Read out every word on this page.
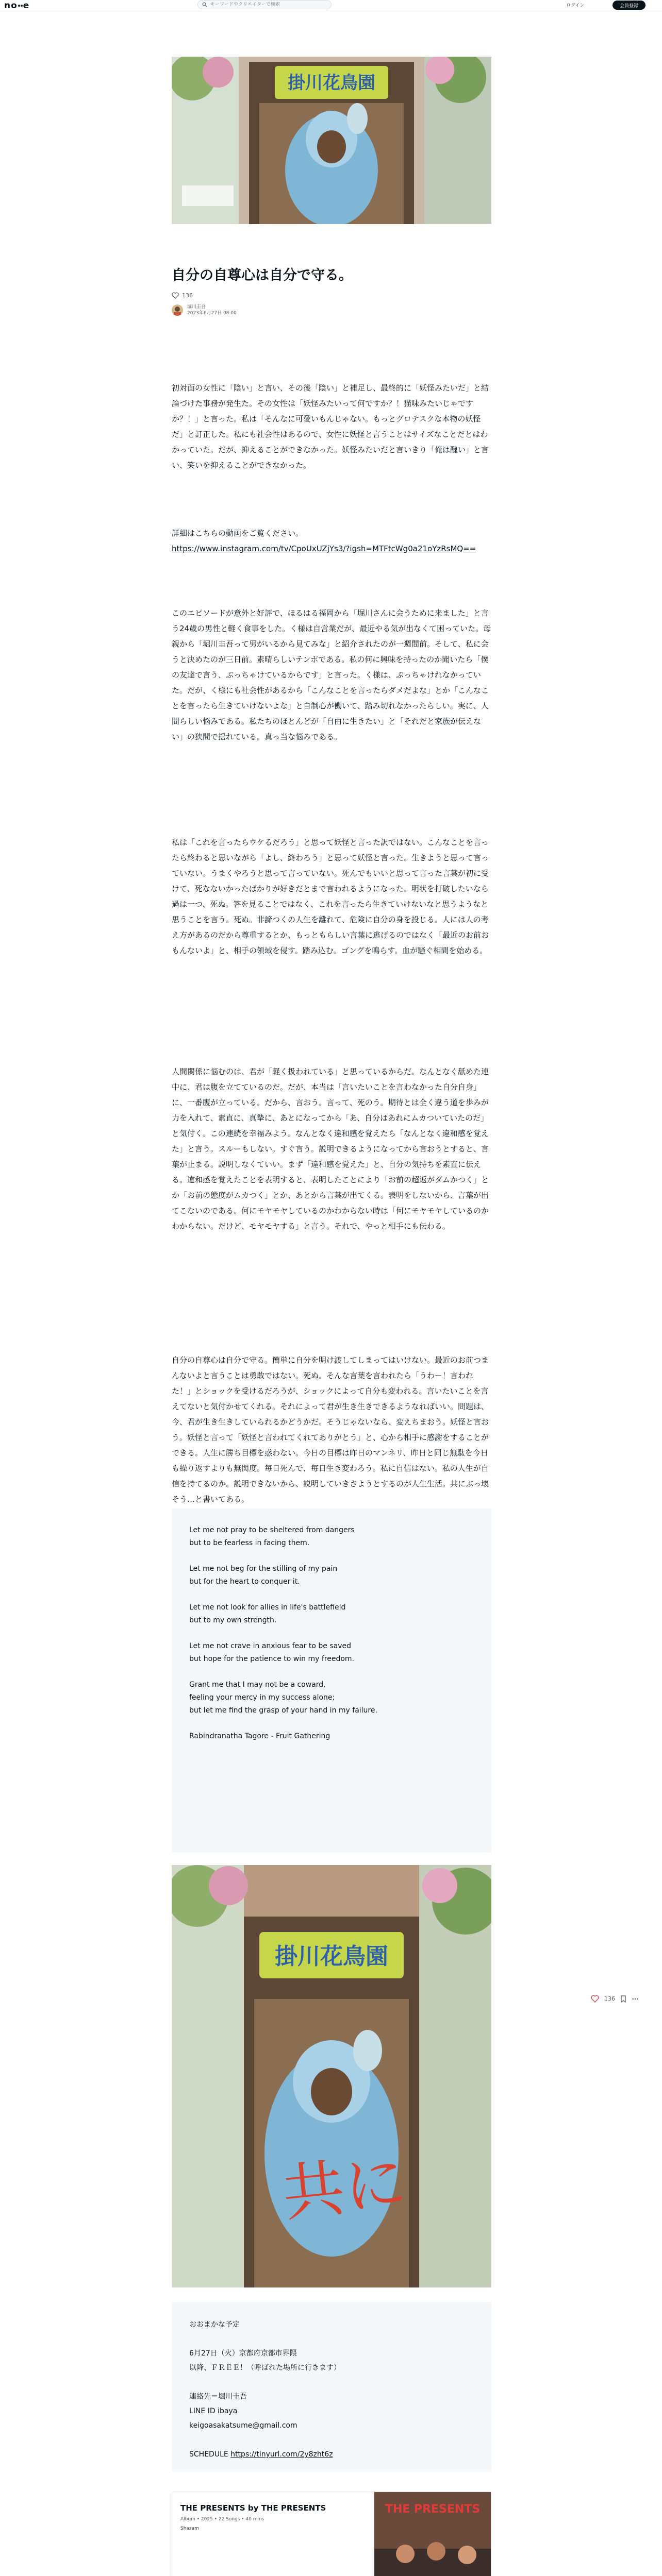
no e
キーワードやクリエイターで検索	ログイン	会員登録
掛川花鳥園
自分の自尊心は自分で守る。
136
堀川圭吾
2023年6月27日 08:00
初対面の女性に「陰い」と言い、その後「陰い」と補足し、最終的に「妖怪みたいだ」と結論づけた事務が発生た。その女性は「妖怪みたいって何ですか？！猫味みたいじゃですか？！」と言った。私は「そんなに可愛いもんじゃない。もっとグロテスクな本物の妖怪だ」と訂正した。私にも社会性はあるので、女性に妖怪と言うことはサイズなことだとはわかっていた。だが、抑えることができなかった。妖怪みたいだと言いきり「俺は醜い」と言い、笑いを抑えることができなかった。
詳細はこちらの動画をご覧ください。
https://www.instagram.com/tv/CpoUxUZjYs3/?igsh=MTFtcWg0a21oYzRsMQ==
このエピソードが意外と好評で、ほるはる福岡から「堀川さんに会うために来ました」と言う24歳の男性と軽く食事をした。く様は自営業だが、最近やる気が出なくて困っていた。母親から「堀川圭吾って男がいるから見てみな」と紹介されたのが一週間前。そして、私に会うと決めたのが三日前。素晴らしいテンポである。私の何に興味を持ったのか聞いたら「僕の友達で言う、ぶっちゃけているからです」と言った。く様は、ぶっちゃけれなかっていた。だが、く様にも社会性があるから「こんなことを言ったらダメだよな」とか「こんなことを言ったら生きていけないよな」と自制心が働いて、踏み切れなかったらしい。実に、人間らしい悩みである。私たちのほとんどが「自由に生きたい」と「それだと家族が伝えない」の狭間で揺れている。真っ当な悩みである。
私は「これを言ったらウケるだろう」と思って妖怪と言った訳ではない。こんなことを言ったら終わると思いながら「よし、終わろう」と思って妖怪と言った。生きようと思って言っていない。うまくやろうと思って言っていない。死んでもいいと思って言った言葉が初に受けて、死なないかったばかりが好きだとまで言われるようになった。明状を打破したいなら過は一つ、死ぬ。答を見ることではなく、これを言ったら生きていけないなと思うようなと思うことを言う。死ぬ。非諦つくの人生を離れて、危険に自分の身を投じる。人には人の考え方があるのだから尊重するとか、もっともらしい言葉に逃げるのではなく「最近のお前おもんないよ」と、相手の領域を侵す。踏み込む。ゴングを鳴らす。血が騒ぐ相間を始める。
人間関係に悩むのは、君が「軽く扱われている」と思っているからだ。なんとなく舐めた連中に、君は腹を立てているのだ。だが、本当は「言いたいことを言わなかった自分自身」に、一番腹が立っている。だから、言おう。言って、死のう。期待とは全く違う道を歩みが力を入れて、素直に、真摯に、あとになってから「あ、自分はあれにムカついていたのだ」と気付く。この連続を幸福みよう。なんとなく違和感を覚えたら「なんとなく違和感を覚えた」と言う。スルーもしない。すぐ言う。説明できるようになってから言おうとすると、言葉が止まる。説明しなくていい。まず「違和感を覚えた」と、自分の気持ちを素直に伝える。違和感を覚えたことを表明すると、表明したことにより「お前の超返がダムかつく」とか「お前の態度がムカつく」とか、あとから言葉が出てくる。表明をしないから、言葉が出てこないのである。何にモヤモヤしているのかわからない時は「何にモヤモヤしているのかわからない。だけど、モヤモヤする」と言う。それで、やっと相手にも伝わる。
自分の自尊心は自分で守る。簡単に自分を明け渡してしまってはいけない。最近のお前つまんないよと言うことは勇敢ではない。死ぬ。そんな言葉を言われたら「うわー！言われた！」とショックを受けるだろうが、ショックによって自分も変われる。言いたいことを言えてないと気付かせてくれる。それによって君が生き生きできるようなればいい。問題は、今、君が生き生きしていられるかどうかだ。そうじゃないなら、変えちまおう。妖怪と言おう。妖怪と言って「妖怪と言われてくれてありがとう」と、心から相手に感謝をすることができる。人生に勝ち目標を惑わない。今日の目標は昨日のマンネリ、昨日と同じ無駄を今日も繰り返すよりも無関度。毎日死んで、毎日生き変わろう。私に自信はない。私の人生が自信を持てるのか。説明できないから、説明していきさようとするのが人生生活。共にぶっ壊そう…と書いてある。
Let me not pray to be sheltered from dangers
but to be fearless in facing them.
Let me not beg for the stilling of my pain
but for the heart to conquer it.
Let me not look for allies in life's battlefield
but to my own strength.
Let me not crave in anxious fear to be saved
but hope for the patience to win my freedom.
Grant me that I may not be a coward,
feeling your mercy in my success alone;
but let me find the grasp of your hand in my failure.
Rabindranatha Tagore - Fruit Gathering
掛川花鳥園
共に
おおまかな予定
6月27日（火）京都府京都市界隈
以降、ＦＲＥＥ！（呼ばれた場所に行きます）
連絡先＝堀川圭吾
LINE ID ibaya
keigoasakatsume@gmail.com
SCHEDULE https://tinyurl.com/2y8zht6z
THE PRESENTS by THE PRESENTS
Album • 2025 • 22 Songs • 40 mins
Shazam
THE PRESENTS
136
